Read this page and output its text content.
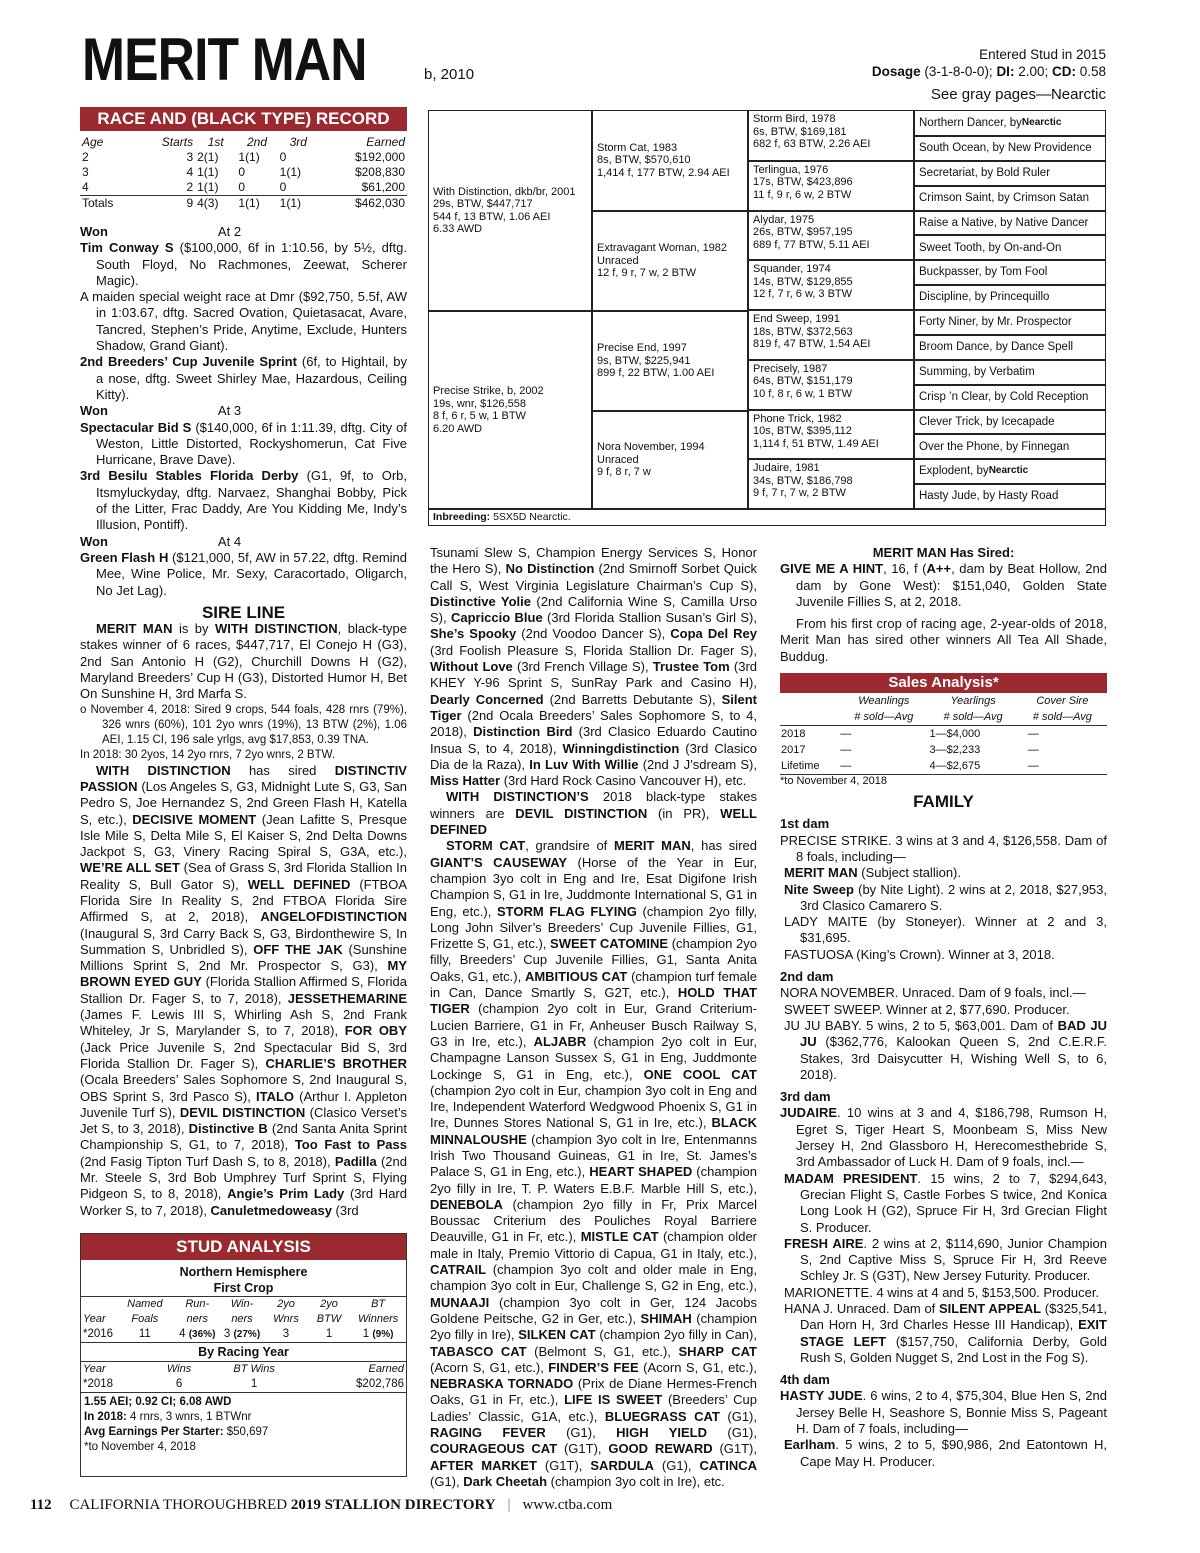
MERIT MAN	b, 2010
Entered Stud in 2015
Dosage (3-1-8-0-0); DI: 2.00; CD: 0.58
See gray pages—Nearctic
RACE AND (BLACK TYPE) RECORD
Age	Starts	1st	2nd	3rd	Earned
2	3	2(1)	1(1)	0	$192,000
3	4	1(1)	0	1(1)	$208,830
4	2	1(1)	0	0	$61,200
Totals	9	4(3)	1(1)	1(1)	$462,030

Won	At 2

Tim Conway S ($100,000, 6f in 1:10.56, by 5½, dftg. South Floyd, No Rachmones, Zeewat, Scherer Magic).

A maiden special weight race at Dmr ($92,750, 5.5f, AW in 1:03.67, dftg. Sacred Ovation, Quietasacat, Avare, Tancred, Stephen’s Pride, Anytime, Exclude, Hunters Shadow, Grand Giant).

2nd Breeders’ Cup Juvenile Sprint (6f, to Hightail, by a nose, dftg. Sweet Shirley Mae, Hazardous, Ceiling Kitty).

Won	At 3

Spectacular Bid S ($140,000, 6f in 1:11.39, dftg. City of Weston, Little Distorted, Rockyshomerun, Cat Five Hurricane, Brave Dave).

3rd Besilu Stables Florida Derby (G1, 9f, to Orb, Itsmyluckyday, dftg. Narvaez, Shanghai Bobby, Pick of the Litter, Frac Daddy, Are You Kidding Me, Indy’s Illusion, Pontiff).

Won	At 4

Green Flash H ($121,000, 5f, AW in 57.22, dftg. Remind Mee, Wine Police, Mr. Sexy, Caracortado, Oligarch, No Jet Lag).

SIRE LINE

MERIT MAN is by WITH DISTINCTION, black-type stakes winner of 6 races, $447,717, El Conejo H (G3), 2nd San Antonio H (G2), Churchill Downs H (G2), Maryland Breeders’ Cup H (G3), Distorted Humor H, Bet On Sunshine H, 3rd Marfa S.

o November 4, 2018: Sired 9 crops, 544 foals, 428 rnrs (79%), 326 wnrs (60%), 101 2yo wnrs (19%), 13 BTW (2%), 1.06 AEI, 1.15 CI, 196 sale yrlgs, avg $17,853, 0.39 TNA.

In 2018: 30 2yos, 14 2yo rnrs, 7 2yo wnrs, 2 BTW.

WITH DISTINCTION has sired DISTINCTIV PASSION (Los Angeles S, G3, Midnight Lute S, G3, San Pedro S, Joe Hernandez S, 2nd Green Flash H, Katella S, etc.), DECISIVE MOMENT (Jean Lafitte S, Presque Isle Mile S, Delta Mile S, El Kaiser S, 2nd Delta Downs Jackpot S, G3, Vinery Racing Spiral S, G3A, etc.), WE’RE ALL SET (Sea of Grass S, 3rd Florida Stallion In Reality S, Bull Gator S), WELL DEFINED (FTBOA Florida Sire In Reality S, 2nd FTBOA Florida Sire Affirmed S, at 2, 2018), ANGELOFDISTINCTION (Inaugural S, 3rd Carry Back S, G3, Birdonthewire S, In Summation S, Unbridled S), OFF THE JAK (Sunshine Millions Sprint S, 2nd Mr. Prospector S, G3), MY BROWN EYED GUY (Florida Stallion Affirmed S, Florida Stallion Dr. Fager S, to 7, 2018), JESSETHEMARINE (James F. Lewis III S, Whirling Ash S, 2nd Frank Whiteley, Jr S, Marylander S, to 7, 2018), FOR OBY (Jack Price Juvenile S, 2nd Spectacular Bid S, 3rd Florida Stallion Dr. Fager S), CHARLIE’S BROTHER (Ocala Breeders’ Sales Sophomore S, 2nd Inaugural S, OBS Sprint S, 3rd Pasco S), ITALO (Arthur I. Appleton Juvenile Turf S), DEVIL DISTINCTION (Clasico Verset’s Jet S, to 3, 2018), Distinctive B (2nd Santa Anita Sprint Championship S, G1, to 7, 2018), Too Fast to Pass (2nd Fasig Tipton Turf Dash S, to 8, 2018), Padilla (2nd Mr. Steele S, 3rd Bob Umphrey Turf Sprint S, Flying Pidgeon S, to 8, 2018), Angie’s Prim Lady (3rd Hard Worker S, to 7, 2018), Canuletmedoweasy (3rd

STUD ANALYSIS
Northern Hemisphere
First Crop
Year	Named Foals	Run- ners	Win- ners	2yo Wnrs	2yo BTW	BT Winners
*2016	11	4 (36%)	3 (27%)	3	1	1 (9%)
By Racing Year
Year	Wins	BT Wins	Earned
*2018	6	1	$202,786
1.55 AEI; 0.92 CI; 6.08 AWD
In 2018: 4 rnrs, 3 wnrs, 1 BTWnr
Avg Earnings Per Starter: $50,697
*to November 4, 2018
With Distinction, dkb/br, 2001
29s, BTW, $447,717
544 f, 13 BTW, 1.06 AEI
6.33 AWD
Precise Strike, b, 2002
19s, wnr, $126,558
8 f, 6 r, 5 w, 1 BTW
6.20 AWD
Storm Cat, 1983
8s, BTW, $570,610
1,414 f, 177 BTW, 2.94 AEI
Extravagant Woman, 1982
Unraced
12 f, 9 r, 7 w, 2 BTW
Precise End, 1997
9s, BTW, $225,941
899 f, 22 BTW, 1.00 AEI
Nora November, 1994
Unraced
9 f, 8 r, 7 w
Storm Bird, 1978
6s, BTW, $169,181
682 f, 63 BTW, 2.26 AEI
Terlingua, 1976
17s, BTW, $423,896
11 f, 9 r, 6 w, 2 BTW
Alydar, 1975
26s, BTW, $957,195
689 f, 77 BTW, 5.11 AEI
Squander, 1974
14s, BTW, $129,855
12 f, 7 r, 6 w, 3 BTW
End Sweep, 1991
18s, BTW, $372,563
819 f, 47 BTW, 1.54 AEI
Precisely, 1987
64s, BTW, $151,179
10 f, 8 r, 6 w, 1 BTW
Phone Trick, 1982
10s, BTW, $395,112
1,114 f, 51 BTW, 1.49 AEI
Judaire, 1981
34s, BTW, $186,798
9 f, 7 r, 7 w, 2 BTW
Northern Dancer, by Nearctic
South Ocean, by New Providence
Secretariat, by Bold Ruler
Crimson Saint, by Crimson Satan
Raise a Native, by Native Dancer
Sweet Tooth, by On-and-On
Buckpasser, by Tom Fool
Discipline, by Princequillo
Forty Niner, by Mr. Prospector
Broom Dance, by Dance Spell
Summing, by Verbatim
Crisp ’n Clear, by Cold Reception
Clever Trick, by Icecapade
Over the Phone, by Finnegan
Explodent, by Nearctic
Hasty Jude, by Hasty Road
Inbreeding: 5SX5D Nearctic.

Tsunami Slew S, Champion Energy Services S, Honor the Hero S), No Distinction (2nd Smirnoff Sorbet Quick Call S, West Virginia Legislature Chairman’s Cup S), Distinctive Yolie (2nd California Wine S, Camilla Urso S), Capriccio Blue (3rd Florida Stallion Susan’s Girl S), She’s Spooky (2nd Voodoo Dancer S), Copa Del Rey (3rd Foolish Pleasure S, Florida Stallion Dr. Fager S), Without Love (3rd French Village S), Trustee Tom (3rd KHEY Y-96 Sprint S, SunRay Park and Casino H), Dearly Concerned (2nd Barretts Debutante S), Silent Tiger (2nd Ocala Breeders’ Sales Sophomore S, to 4, 2018), Distinction Bird (3rd Clasico Eduardo Cautino Insua S, to 4, 2018), Winningdistinction (3rd Clasico Dia de la Raza), In Luv With Willie (2nd J J’sdream S), Miss Hatter (3rd Hard Rock Casino Vancouver H), etc.

WITH DISTINCTION’S 2018 black-type stakes winners are DEVIL DISTINCTION (in PR), WELL DEFINED

STORM CAT, grandsire of MERIT MAN, has sired GIANT’S CAUSEWAY (Horse of the Year in Eur, champion 3yo colt in Eng and Ire, Esat Digifone Irish Champion S, G1 in Ire, Juddmonte International S, G1 in Eng, etc.), STORM FLAG FLYING (champion 2yo filly, Long John Silver’s Breeders’ Cup Juvenile Fillies, G1, Frizette S, G1, etc.), SWEET CATOMINE (champion 2yo filly, Breeders’ Cup Juvenile Fillies, G1, Santa Anita Oaks, G1, etc.), AMBITIOUS CAT (champion turf female in Can, Dance Smartly S, G2T, etc.), HOLD THAT TIGER (champion 2yo colt in Eur, Grand Criterium-Lucien Barriere, G1 in Fr, Anheuser Busch Railway S, G3 in Ire, etc.), ALJABR (champion 2yo colt in Eur, Champagne Lanson Sussex S, G1 in Eng, Juddmonte Lockinge S, G1 in Eng, etc.), ONE COOL CAT (champion 2yo colt in Eur, champion 3yo colt in Eng and Ire, Independent Waterford Wedgwood Phoenix S, G1 in Ire, Dunnes Stores National S, G1 in Ire, etc.), BLACK MINNALOUSHE (champion 3yo colt in Ire, Entenmanns Irish Two Thousand Guineas, G1 in Ire, St. James’s Palace S, G1 in Eng, etc.), HEART SHAPED (champion 2yo filly in Ire, T. P. Waters E.B.F. Marble Hill S, etc.), DENEBOLA (champion 2yo filly in Fr, Prix Marcel Boussac Criterium des Pouliches Royal Barriere Deauville, G1 in Fr, etc.), MISTLE CAT (champion older male in Italy, Premio Vittorio di Capua, G1 in Italy, etc.), CATRAIL (champion 3yo colt and older male in Eng, champion 3yo colt in Eur, Challenge S, G2 in Eng, etc.), MUNAAJI (champion 3yo colt in Ger, 124 Jacobs Goldene Peitsche, G2 in Ger, etc.), SHIMAH (champion 2yo filly in Ire), SILKEN CAT (champion 2yo filly in Can), TABASCO CAT (Belmont S, G1, etc.), SHARP CAT (Acorn S, G1, etc.), FINDER’S FEE (Acorn S, G1, etc.), NEBRASKA TORNADO (Prix de Diane Hermes-French Oaks, G1 in Fr, etc.), LIFE IS SWEET (Breeders’ Cup Ladies’ Classic, G1A, etc.), BLUEGRASS CAT (G1), RAGING FEVER (G1), HIGH YIELD (G1), COURAGEOUS CAT (G1T), GOOD REWARD (G1T), AFTER MARKET (G1T), SARDULA (G1), CATINCA (G1), Dark Cheetah (champion 3yo colt in Ire), etc.

MERIT MAN Has Sired:

GIVE ME A HINT, 16, f (A++, dam by Beat Hollow, 2nd dam by Gone West): $151,040, Golden State Juvenile Fillies S, at 2, 2018.

From his first crop of racing age, 2-year-olds of 2018, Merit Man has sired other winners All Tea All Shade, Buddug.

Sales Analysis*
	Weanlings	Yearlings	Cover Sire
	# sold—Avg	# sold—Avg	# sold—Avg
2018	—	1—$4,000	—
2017	—	3—$2,233	—
Lifetime	—	4—$2,675	—
*to November 4, 2018
FAMILY

1st dam

PRECISE STRIKE. 3 wins at 3 and 4, $126,558. Dam of 8 foals, including—

MERIT MAN (Subject stallion).

Nite Sweep (by Nite Light). 2 wins at 2, 2018, $27,953, 3rd Clasico Camarero S.

LADY MAITE (by Stoneyer). Winner at 2 and 3, $31,695.

FASTUOSA (King’s Crown). Winner at 3, 2018.

2nd dam

NORA NOVEMBER. Unraced. Dam of 9 foals, incl.—

SWEET SWEEP. Winner at 2, $77,690. Producer.

JU JU BABY. 5 wins, 2 to 5, $63,001. Dam of BAD JU JU ($362,776, Kalookan Queen S, 2nd C.E.R.F. Stakes, 3rd Daisycutter H, Wishing Well S, to 6, 2018).

3rd dam

JUDAIRE. 10 wins at 3 and 4, $186,798, Rumson H, Egret S, Tiger Heart S, Moonbeam S, Miss New Jersey H, 2nd Glassboro H, Herecomesthebride S, 3rd Ambassador of Luck H. Dam of 9 foals, incl.—

MADAM PRESIDENT. 15 wins, 2 to 7, $294,643, Grecian Flight S, Castle Forbes S twice, 2nd Konica Long Look H (G2), Spruce Fir H, 3rd Grecian Flight S. Producer.

FRESH AIRE. 2 wins at 2, $114,690, Junior Champion S, 2nd Captive Miss S, Spruce Fir H, 3rd Reeve Schley Jr. S (G3T), New Jersey Futurity. Producer.

MARIONETTE. 4 wins at 4 and 5, $153,500. Producer.

HANA J. Unraced. Dam of SILENT APPEAL ($325,541, Dan Horn H, 3rd Charles Hesse III Handicap), EXIT STAGE LEFT ($157,750, California Derby, Gold Rush S, Golden Nugget S, 2nd Lost in the Fog S).

4th dam

HASTY JUDE. 6 wins, 2 to 4, $75,304, Blue Hen S, 2nd Jersey Belle H, Seashore S, Bonnie Miss S, Pageant H. Dam of 7 foals, including—

Earlham. 5 wins, 2 to 5, $90,986, 2nd Eatontown H, Cape May H. Producer.

112 CALIFORNIA THOROUGHBRED 2019 STALLION DIRECTORY | www.ctba.com
